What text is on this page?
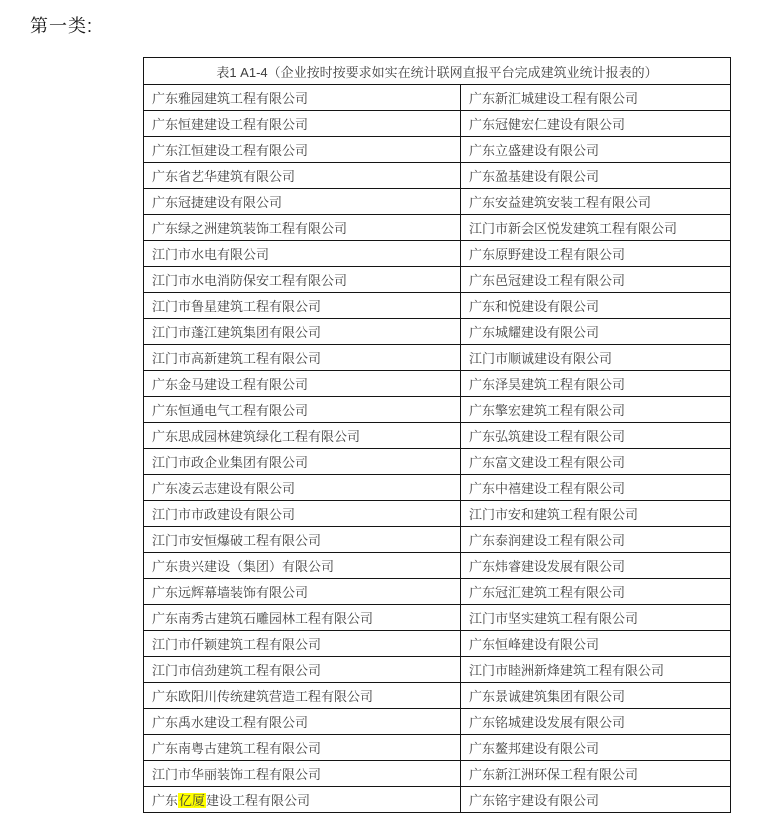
第一类:
表1 A1-4（企业按时按要求如实在统计联网直报平台完成建筑业统计报表的）	
广东雅园建筑工程有限公司	广东新汇城建设工程有限公司
广东恒建建设工程有限公司	广东冠健宏仁建设有限公司
广东江恒建设工程有限公司	广东立盛建设有限公司
广东省艺华建筑有限公司	广东盈基建设有限公司
广东冠捷建设有限公司	广东安益建筑安装工程有限公司
广东绿之洲建筑装饰工程有限公司	江门市新会区悦发建筑工程有限公司
江门市水电有限公司	广东原野建设工程有限公司
江门市水电消防保安工程有限公司	广东邑冠建设工程有限公司
江门市鲁星建筑工程有限公司	广东和悦建设有限公司
江门市蓬江建筑集团有限公司	广东城耀建设有限公司
江门市高新建筑工程有限公司	江门市顺诚建设有限公司
广东金马建设工程有限公司	广东泽昊建筑工程有限公司
广东恒通电气工程有限公司	广东擎宏建筑工程有限公司
广东思成园林建筑绿化工程有限公司	广东弘筑建设工程有限公司
江门市政企业集团有限公司	广东富文建设工程有限公司
广东凌云志建设有限公司	广东中禧建设工程有限公司
江门市市政建设有限公司	江门市安和建筑工程有限公司
江门市安恒爆破工程有限公司	广东泰润建设工程有限公司
广东贵兴建设（集团）有限公司	广东炜睿建设发展有限公司
广东远辉幕墙装饰有限公司	广东冠汇建筑工程有限公司
广东南秀古建筑石雕园林工程有限公司	江门市坚实建筑工程有限公司
江门市仟颖建筑工程有限公司	广东恒峰建设有限公司
江门市信劲建筑工程有限公司	江门市睦洲新烽建筑工程有限公司
广东欧阳川传统建筑营造工程有限公司	广东景诚建筑集团有限公司
广东禹水建设工程有限公司	广东铭城建设发展有限公司
广东南粤古建筑工程有限公司	广东鳌邦建设有限公司
江门市华丽装饰工程有限公司	广东新江洲环保工程有限公司
广东亿厦建设工程有限公司	广东铭宇建设有限公司
